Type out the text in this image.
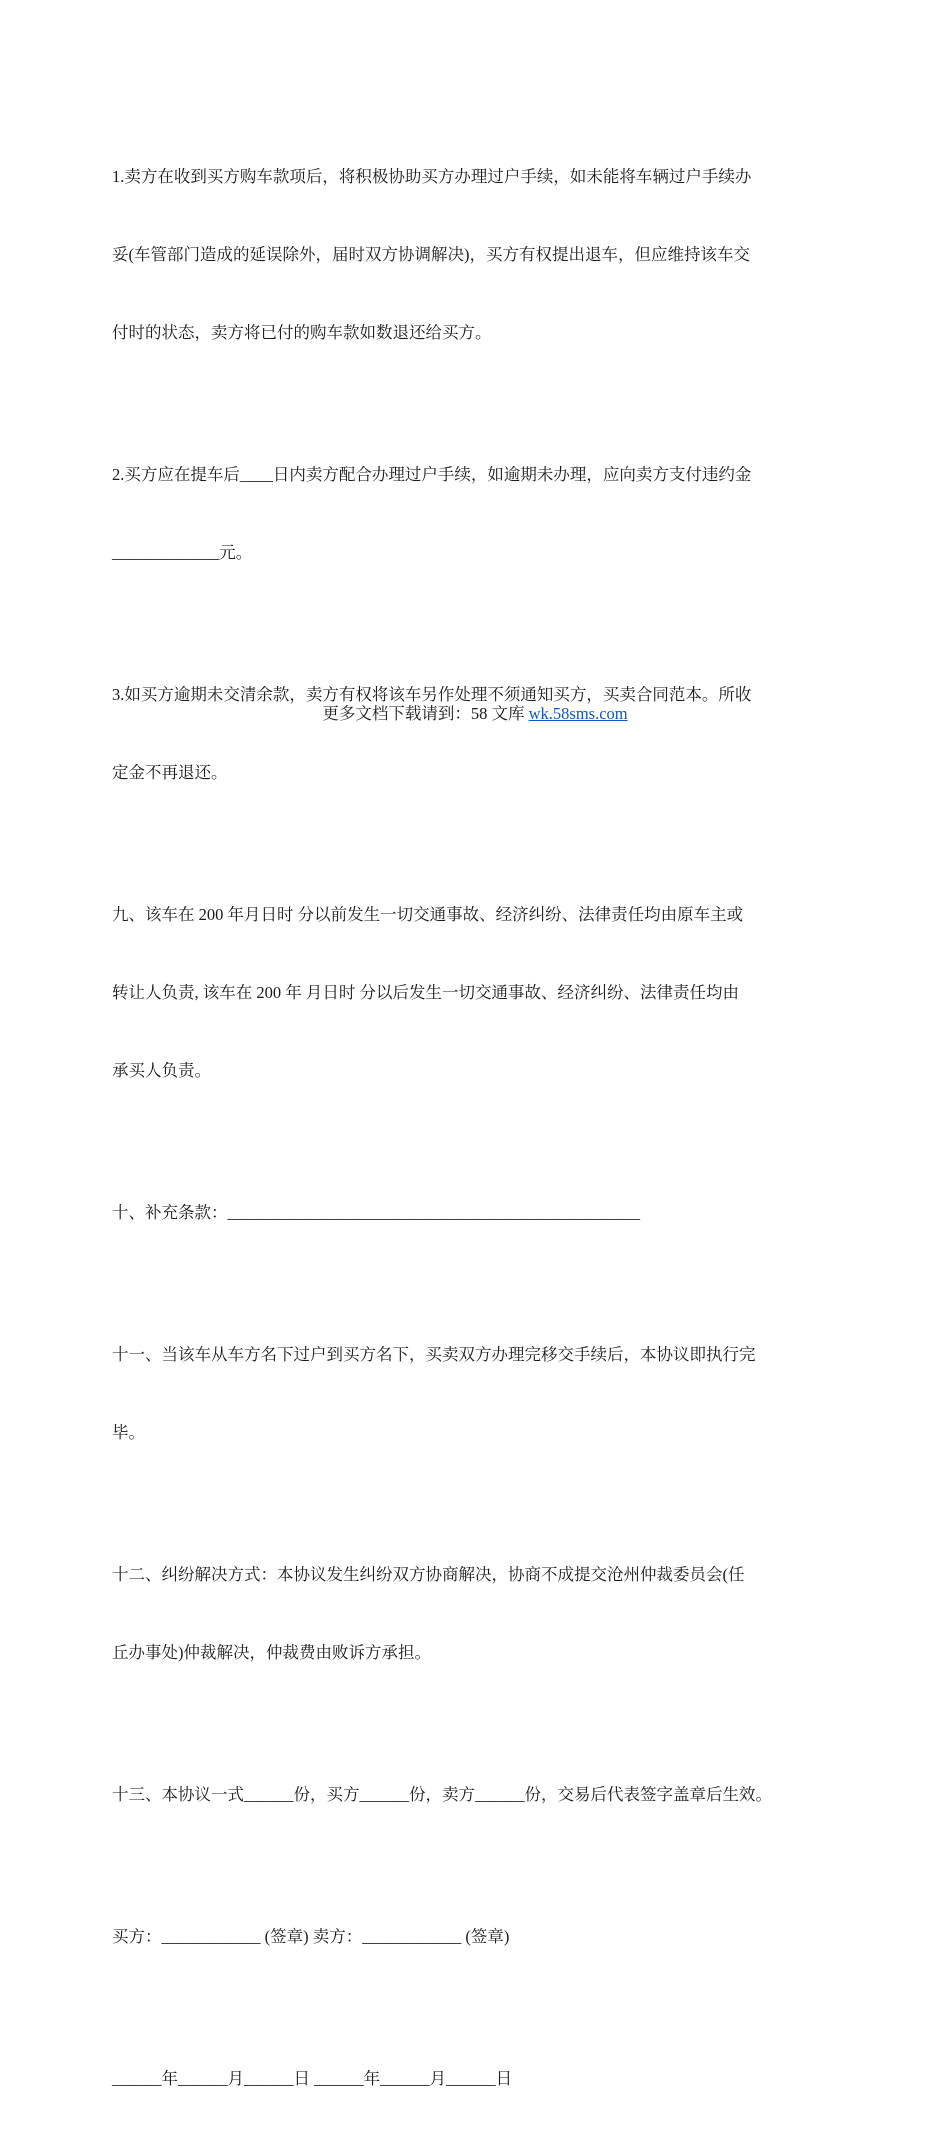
1.卖方在收到买方购车款项后，将积极协助买方办理过户手续，如未能将车辆过户手续办

妥(车管部门造成的延误除外，届时双方协调解决)，买方有权提出退车，但应维持该车交

付时的状态，卖方将已付的购车款如数退还给买方。

2.买方应在提车后____日内卖方配合办理过户手续，如逾期未办理，应向卖方支付违约金

_____________元。

3.如买方逾期未交清余款，卖方有权将该车另作处理不须通知买方，买卖合同范本。所收

定金不再退还。

九、该车在 200 年月日时 分以前发生一切交通事故、经济纠纷、法律责任均由原车主或

转让人负责, 该车在 200 年 月日时 分以后发生一切交通事故、经济纠纷、法律责任均由

承买人负责。

十、补充条款：__________________________________________________

十一、当该车从车方名下过户到买方名下，买卖双方办理完移交手续后，本协议即执行完

毕。

十二、纠纷解决方式：本协议发生纠纷双方协商解决，协商不成提交沧州仲裁委员会(任

丘办事处)仲裁解决，仲裁费由败诉方承担。

十三、本协议一式______份，买方______份，卖方______份，交易后代表签字盖章后生效。

买方：____________ (签章) 卖方：____________ (签章)

______年______月______日 ______年______月______日

更多文档下载请到：58 文库 wk.58sms.com
